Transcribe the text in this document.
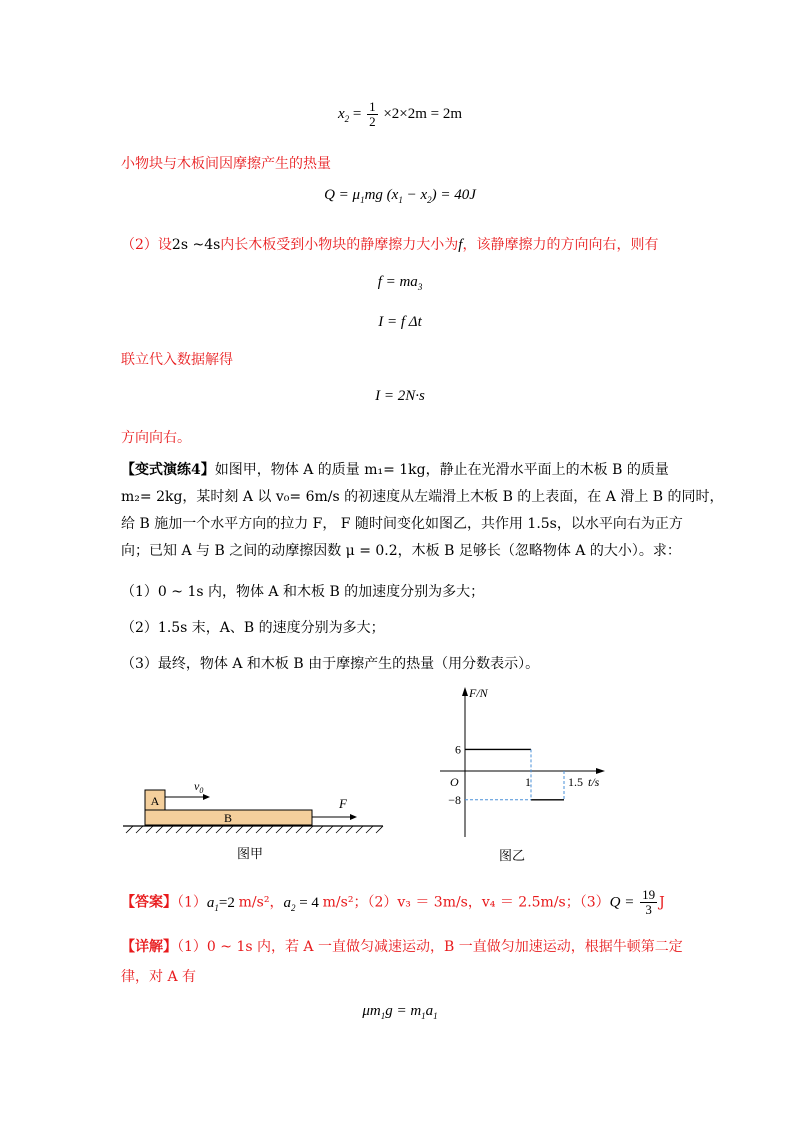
$x_2 = \frac{1}{2} \times 2\times 2m = 2m$
小物块与木板间因摩擦产生的热量
$Q = \mu_1mg$ $(x_1 - x_2) = 40J$
（2）设2s ~4s内长木板受到小物块的静摩擦力大小为f，该静摩擦力的方向向右，则有
$f = ma_3$
I = f Δt
联立代入数据解得
I = 2N·s
方向向右。
【变式演练4】如图甲，物体 A 的质量 m₁= 1kg，静止在光滑水平面上的木板 B 的质量
m₂= 2kg，某时刻 A 以 v₀= 6m/s 的初速度从左端滑上木板 B 的上表面，在 A 滑上 B 的同时，
给 B 施加一个水平方向的拉力 F， F 随时间变化如图乙，共作用 1.5s，以水平向右为正方
向；已知 A 与 B 之间的动摩擦因数 μ = 0.2，木板 B 足够长（忽略物体 A 的大小）。求：
（1）0 ~ 1s 内，物体 A 和木板 B 的加速度分别为多大；
（2）1.5s 末，A、B 的速度分别为多大；
（3）最终，物体 A 和木板 B 由于摩擦产生的热量（用分数表示）。
A
B
$v_0$
F
图甲
F/N
t/s
O	1	1.5
6
−8
图乙
【答案】$(1)a_1=2$ m/s²，$a_2 = 4$ m/s²；（2）v₃ ＝ 3m/s，v₄ ＝ 2.5m/s；$(3)Q = \frac{19}{3}$ J
【详解】（1）0 ~ 1s 内，若 A 一直做匀减速运动，B 一直做匀加速运动，根据牛顿第二定
律，对 A 有
$\mu m_1g = m_1a_1$
